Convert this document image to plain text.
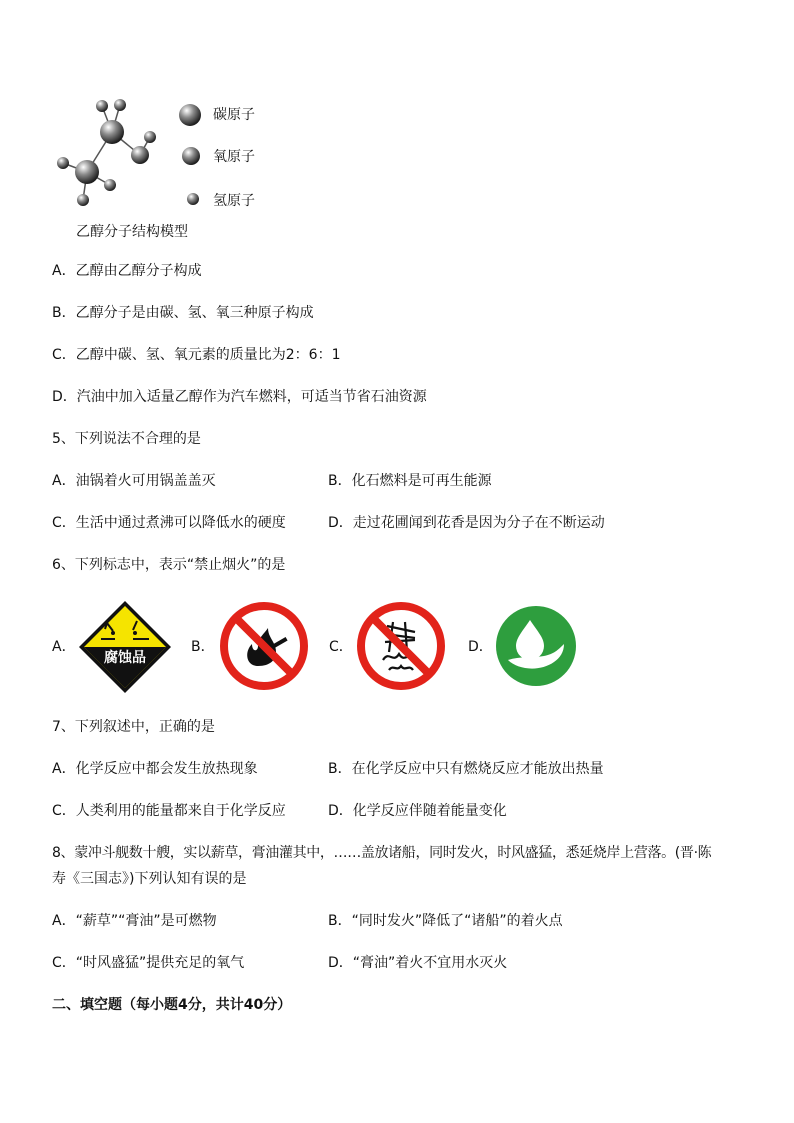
碳原子
氧原子
氢原子
乙醇分子结构模型
A．乙醇由乙醇分子构成
B．乙醇分子是由碳、氢、氧三种原子构成
C．乙醇中碳、氢、氧元素的质量比为2：6：1
D．汽油中加入适量乙醇作为汽车燃料，可适当节省石油资源
5、下列说法不合理的是
A．油锅着火可用锅盖盖灭	B．化石燃料是可再生能源
C．生活中通过煮沸可以降低水的硬度	D．走过花圃闻到花香是因为分子在不断运动
6、下列标志中，表示“禁止烟火”的是
A．	B．	C．	D．
腐蚀品
7、下列叙述中，正确的是
A．化学反应中都会发生放热现象	B．在化学反应中只有燃烧反应才能放出热量
C．人类利用的能量都来自于化学反应	D．化学反应伴随着能量变化
8、蒙冲斗舰数十艘，实以薪草，膏油灌其中，……盖放诸船，同时发火，时风盛猛，悉延烧岸上营落。(晋·陈
寿《三国志》)下列认知有误的是
A．“薪草”“膏油”是可燃物	B．“同时发火”降低了“诸船”的着火点
C．“时风盛猛”提供充足的氧气	D．“膏油”着火不宜用水灭火
二、填空题（每小题4分，共计40分）
